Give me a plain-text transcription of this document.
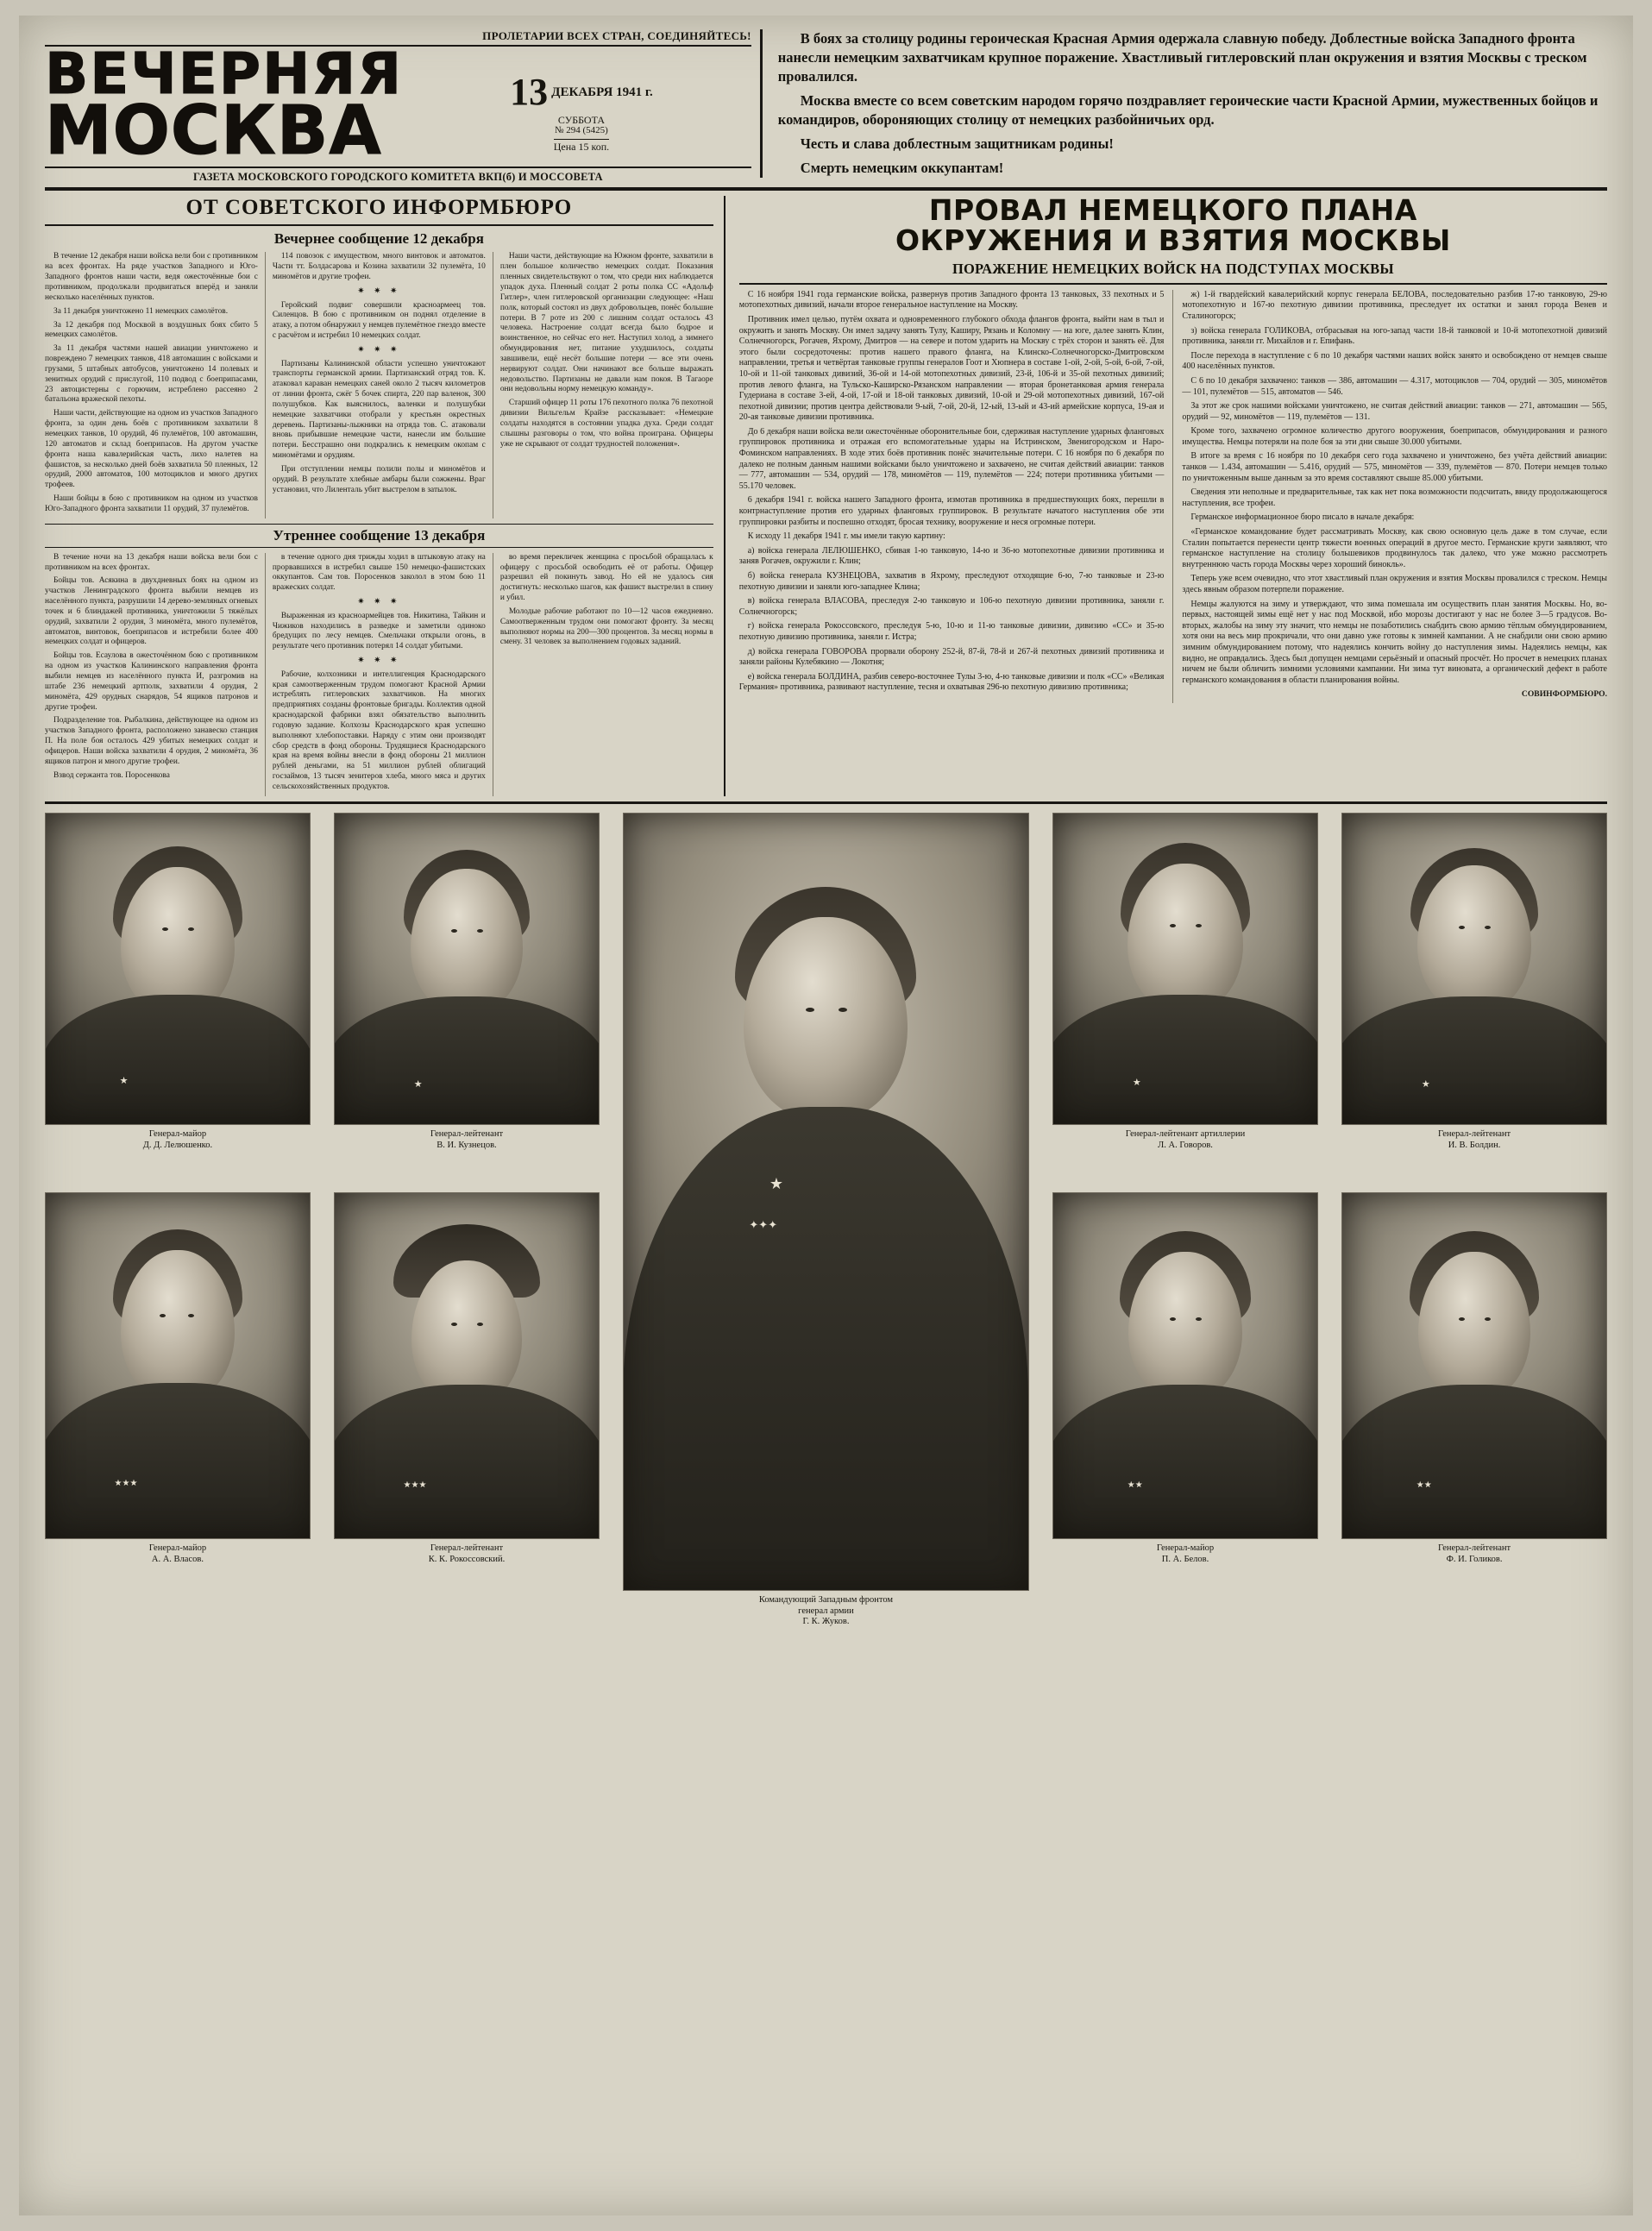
ПРОЛЕТАРИИ ВСЕХ СТРАН, СОЕДИНЯЙТЕСЬ!
ВЕЧЕРНЯЯ
МОСКВА	13 ДЕКАБРЯ 1941 г.
СУББОТА
№ 294 (5425)
Цена 15 коп.
ГАЗЕТА МОСКОВСКОГО ГОРОДСКОГО КОМИТЕТА ВКП(б) И МОССОВЕТА

В боях за столицу родины героическая Красная Армия одержала славную победу. Доблестные войска Западного фронта нанесли немецким захватчикам крупное поражение. Хвастливый гитлеровский план окружения и взятия Москвы с треском провалился.

Москва вместе со всем советским народом горячо поздравляет героические части Красной Армии, мужественных бойцов и командиров, обороняющих столицу от немецких разбойничьих орд.

Честь и слава доблестным защитникам родины!

Смерть немецким оккупантам!

ОТ СОВЕТСКОГО ИНФОРМБЮРО
Вечернее сообщение 12 декабря

В течение 12 декабря наши войска вели бои с противником на всех фронтах. На ряде участков Западного и Юго-Западного фронтов наши части, ведя ожесточённые бои с противником, продолжали продвигаться вперёд и заняли несколько населённых пунктов.

За 11 декабря уничтожено 11 немецких самолётов.

За 12 декабря под Москвой в воздушных боях сбито 5 немецких самолётов.

За 11 декабря частями нашей авиации уничтожено и повреждено 7 немецких танков, 418 автомашин с войсками и грузами, 5 штабных автобусов, уничтожено 14 полевых и зенитных орудий с прислугой, 110 подвод с боеприпасами, 23 автоцистерны с горючим, истреблено рассеяно 2 батальона вражеской пехоты.

Наши части, действующие на одном из участков Западного фронта, за один день боёв с противником захватили 8 немецких танков, 10 орудий, 46 пулемётов, 100 автомашин, 120 автоматов и склад боеприпасов. На другом участке фронта наша кавалерийская часть, лихо налетев на фашистов, за несколько дней боёв захватила 50 пленных, 12 орудий, 2000 автоматов, 100 мотоциклов и много других трофеев.

Наши бойцы в бою с противником на одном из участков Юго-Западного фронта захватили 11 орудий, 37 пулемётов.

114 повозок с имуществом, много винтовок и автоматов. Части тт. Болдасарова и Козина захватили 32 пулемёта, 10 миномётов и другие трофеи.

✷ ✷ ✷

Геройский подвиг совершили красноармеец тов. Силенцов. В бою с противником он поднял отделение в атаку, а потом обнаружил у немцев пулемётное гнездо вместе с расчётом и истребил 10 немецких солдат.

✷ ✷ ✷

Партизаны Калининской области успешно уничтожают транспорты германской армии. Партизанский отряд тов. К. атаковал караван немецких саней около 2 тысяч километров от линии фронта, сжёг 5 бочек спирта, 220 пар валенок, 300 полушубков. Как выяснилось, валенки и полушубки немецкие захватчики отобрали у крестьян окрестных деревень. Партизаны-лыжники на отряда тов. С. атаковали вновь прибывшие немецкие части, нанесли им большие потери. Бесстрашно они подкрались к немецким окопам с миномётами и орудиям.

При отступлении немцы полили полы и миномётов и орудий. В результате хлебные амбары были сожжены. Враг установил, что Лиленталь убит выстрелом в затылок.

Наши части, действующие на Южном фронте, захватили в плен большое количество немецких солдат. Показания пленных свидетельствуют о том, что среди них наблюдается упадок духа. Пленный солдат 2 роты полка СС «Адольф Гитлер», член гитлеровской организации следующее: «Наш полк, который состоял из двух добровольцев, понёс большие потери. В 7 роте из 200 с лишним солдат осталось 43 человека. Настроение солдат всегда было бодрое и воинственное, но сейчас его нет. Наступил холод, а зимнего обмундирования нет, питание ухудшилось, солдаты завшивели, ещё несёт большие потери — все эти очень нервируют солдат. Они начинают все больше выражать недовольство. Партизаны не давали нам покоя. В Тагаоре они недовольны норму немецкую команду».

Старший офицер 11 роты 176 пехотного полка 76 пехотной дивизии Вильгельм Крайзе рассказывает: «Немецкие солдаты находятся в состоянии упадка духа. Среди солдат слышны разговоры о том, что война проиграна. Офицеры уже не скрывают от солдат трудностей положения».

Утреннее сообщение 13 декабря

В течение ночи на 13 декабря наши войска вели бои с противником на всех фронтах.

Бойцы тов. Асякина в двухдневных боях на одном из участков Ленинградского фронта выбили немцев из населённого пункта, разрушили 14 дерево-земляных огневых точек и 6 блиндажей противника, уничтожили 5 тяжёлых орудий, захватили 2 орудия, 3 миномёта, много пулемётов, автоматов, винтовок, боеприпасов и истребили более 400 немецких солдат и офицеров.

Бойцы тов. Есаулова в ожесточённом бою с противником на одном из участков Калининского направления фронта выбили немцев из населённого пункта И, разгромив на штабе 236 немецкий артполк, захватили 4 орудия, 2 миномёта, 429 орудных снарядов, 54 ящиков патронов и другие трофеи.

Подразделение тов. Рыбалкина, действующее на одном из участков Западного фронта, расположено занавеско станция П. На поле боя осталось 429 убитых немецких солдат и офицеров. Наши войска захватили 4 орудия, 2 миномёта, 36 ящиков патрон и много другие трофеи.

Взвод сержанта тов. Поросенкова

в течение одного дня трижды ходил в штыковую атаку на прорвавшихся в истребил свыше 150 немецко-фашистских оккупантов. Сам тов. Поросенков заколол в этом бою 11 вражеских солдат.

✷ ✷ ✷

Выраженная из красноармейцев тов. Никитина, Тайкин и Чижиков находились в разведке и заметили одиноко бредущих по лесу немцев. Смельчаки открыли огонь, в результате чего противник потерял 14 солдат убитыми.

✷ ✷ ✷

Рабочие, колхозники и интеллигенция Краснодарского края самоотверженным трудом помогают Красной Армии истреблять гитлеровских захватчиков. На многих предприятиях созданы фронтовые бригады. Коллектив одной краснодарской фабрики взял обязательство выполнить годовую задание. Колхозы Краснодарского края успешно выполняют хлебопоставки. Наряду с этим они производят сбор средств в фонд обороны. Трудящиеся Краснодарского края на время войны внесли в фонд обороны 21 миллион рублей деньгами, на 51 миллион рублей облигаций госзаймов, 13 тысяч зенитеров хлеба, много мяса и других сельскохозяйственных продуктов.

во время перекличек женщина с просьбой обращалась к офицеру с просьбой освободить её от работы. Офицер разрешил ей покинуть завод. Но ей не удалось сия достигнуть: несколько шагов, как фашист выстрелил в спину и убил.

Молодые рабочие работают по 10—12 часов ежедневно. Самоотверженным трудом они помогают фронту. За месяц выполняют нормы на 200—300 процентов. За месяц нормы в смену. 31 человек за выполнением годовых заданий.

ПРОВАЛ НЕМЕЦКОГО ПЛАНА
ОКРУЖЕНИЯ И ВЗЯТИЯ МОСКВЫ
ПОРАЖЕНИЕ НЕМЕЦКИХ ВОЙСК НА ПОДСТУПАХ МОСКВЫ

С 16 ноября 1941 года германские войска, развернув против Западного фронта 13 танковых, 33 пехотных и 5 мотопехотных дивизий, начали второе генеральное наступление на Москву.

Противник имел целью, путём охвата и одновременного глубокого обхода флангов фронта, выйти нам в тыл и окружить и занять Москву. Он имел задачу занять Тулу, Каширу, Рязань и Коломну — на юге, далее занять Клин, Солнечногорск, Рогачев, Яхрому, Дмитров — на севере и потом ударить на Москву с трёх сторон и занять её. Для этого были сосредоточены: против нашего правого фланга, на Клинско-Солнечногорско-Дмитровском направлении, третья и четвёртая танковые группы генералов Гоот и Хюпнера в составе 1-ой, 2-ой, 5-ой, 6-ой, 7-ой, 10-ой и 11-ой танковых дивизий, 36-ой и 14-ой мотопехотных дивизий, 23-й, 106-й и 35-ой пехотных дивизий; против левого фланга, на Тульско-Каширско-Рязанском направлении — вторая бронетанковая армия генерала Гудериана в составе 3-ей, 4-ой, 17-ой и 18-ой танковых дивизий, 10-ой и 29-ой мотопехотных дивизий, 167-ой пехотной дивизии; против центра действовали 9-ый, 7-ой, 20-й, 12-ый, 13-ый и 43-ий армейские корпуса, 19-ая и 20-ая танковые дивизии противника.

До 6 декабря наши войска вели ожесточённые оборонительные бои, сдерживая наступление ударных фланговых группировок противника и отражая его вспомогательные удары на Истринском, Звенигородском и Наро-Фоминском направлениях. В ходе этих боёв противник понёс значительные потери. С 16 ноября по 6 декабря по далеко не полным данным нашими войсками было уничтожено и захвачено, не считая действий авиации: танков — 777, автомашин — 534, орудий — 178, миномётов — 119, пулемётов — 224; потери противника убитыми — 55.170 человек.

6 декабря 1941 г. войска нашего Западного фронта, измотав противника в предшествующих боях, перешли в контрнаступление против его ударных фланговых группировок. В результате начатого наступления обе эти группировки разбиты и поспешно отходят, бросая технику, вооружение и неся огромные потери.

К исходу 11 декабря 1941 г. мы имели такую картину:

а) войска генерала ЛЕЛЮШЕНКО, сбивая 1-ю танковую, 14-ю и 36-ю мотопехотные дивизии противника и заняв Рогачев, окружили г. Клин;

б) войска генерала КУЗНЕЦОВА, захватив в Яхрому, преследуют отходящие 6-ю, 7-ю танковые и 23-ю пехотную дивизии и заняли юго-западнее Клина;

в) войска генерала ВЛАСОВА, преследуя 2-ю танковую и 106-ю пехотную дивизии противника, заняли г. Солнечногорск;

г) войска генерала Рокоссовского, преследуя 5-ю, 10-ю и 11-ю танковые дивизии, дивизию «СС» и 35-ю пехотную дивизию противника, заняли г. Истра;

д) войска генерала ГОВОРОВА прорвали оборону 252-й, 87-й, 78-й и 267-й пехотных дивизий противника и заняли районы Кулебякино — Локотня;

е) войска генерала БОЛДИНА, разбив северо-восточнее Тулы 3-ю, 4-ю танковые дивизии и полк «СС» «Великая Германия» противника, развивают наступление, тесня и охватывая 296-ю пехотную дивизию противника;

ж) 1-й гвардейский кавалерийский корпус генерала БЕЛОВА, последовательно разбив 17-ю танковую, 29-ю мотопехотную и 167-ю пехотную дивизии противника, преследует их остатки и занял города Венев и Сталиногорск;

з) войска генерала ГОЛИКОВА, отбрасывая на юго-запад части 18-й танковой и 10-й мотопехотной дивизий противника, заняли гг. Михайлов и г. Епифань.

После перехода в наступление с 6 по 10 декабря частями наших войск занято и освобождено от немцев свыше 400 населённых пунктов.

С 6 по 10 декабря захвачено: танков — 386, автомашин — 4.317, мотоциклов — 704, орудий — 305, миномётов — 101, пулемётов — 515, автоматов — 546.

За этот же срок нашими войсками уничтожено, не считая действий авиации: танков — 271, автомашин — 565, орудий — 92, миномётов — 119, пулемётов — 131.

Кроме того, захвачено огромное количество другого вооружения, боеприпасов, обмундирования и разного имущества. Немцы потеряли на поле боя за эти дни свыше 30.000 убитыми.

В итоге за время с 16 ноября по 10 декабря сего года захвачено и уничтожено, без учёта действий авиации: танков — 1.434, автомашин — 5.416, орудий — 575, миномётов — 339, пулемётов — 870. Потери немцев только по уничтоженным выше данным за это время составляют свыше 85.000 убитыми.

Сведения эти неполные и предварительные, так как нет пока возможности подсчитать, ввиду продолжающегося наступления, все трофеи.

Германское информационное бюро писало в начале декабря:

«Германское командование будет рассматривать Москву, как свою основную цель даже в том случае, если Сталин попытается перенести центр тяжести военных операций в другое место. Германские круги заявляют, что германское наступление на столицу большевиков продвинулось так далеко, что уже можно рассмотреть внутреннюю часть города Москвы через хороший бинокль».

Теперь уже всем очевидно, что этот хвастливый план окружения и взятия Москвы провалился с треском. Немцы здесь явным образом потерпели поражение.

Немцы жалуются на зиму и утверждают, что зима помешала им осуществить план занятия Москвы. Но, во-первых, настоящей зимы ещё нет у нас под Москвой, ибо морозы достигают у нас не более 3—5 градусов. Во-вторых, жалобы на зиму эту значит, что немцы не позаботились снабдить свою армию тёплым обмундированием, хотя они на весь мир прокричали, что они давно уже готовы к зимней кампании. А не снабдили они свою армию зимним обмундированием потому, что надеялись кончить войну до наступления зимы. Надеялись немцы, как видно, не оправдались. Здесь был допущен немцами серьёзный и опасный просчёт. Но просчет в немецких планах ничем не были обличить зимними условиями кампании. Ни зима тут виновата, а органический дефект в работе германского командования в области планирования войны.

СОВИНФОРМБЮРО.

★
Генерал-майор
Д. Д. Лелюшенко.
★
Генерал-лейтенант
В. И. Кузнецов.
★
✦✦✦
Командующий Западным фронтом
генерал армии
Г. К. Жуков.
★
Генерал-лейтенант артиллерии
Л. А. Говоров.
★
Генерал-лейтенант
И. В. Болдин.
★★★
Генерал-майор
А. А. Власов.
★★★
Генерал-лейтенант
К. К. Рокоссовский.
★★
Генерал-майор
П. А. Белов.
★★
Генерал-лейтенант
Ф. И. Голиков.
